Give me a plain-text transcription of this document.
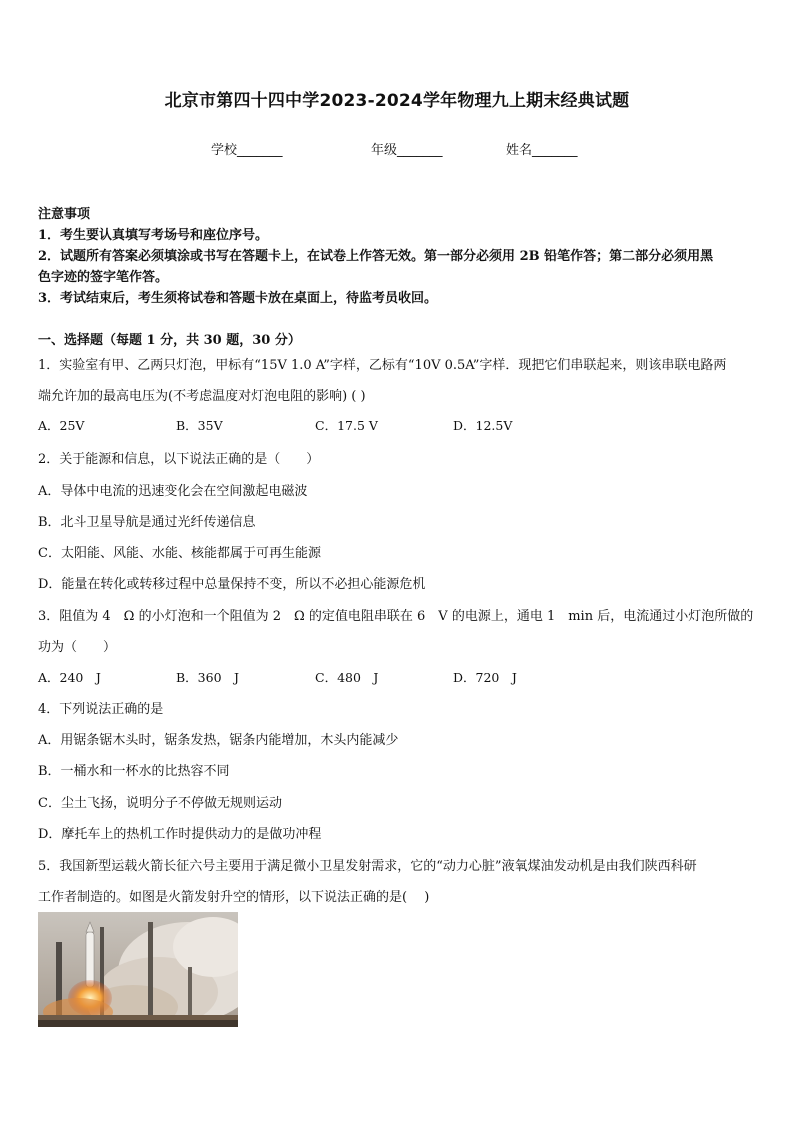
北京市第四十四中学2023-2024学年物理九上期末经典试题
学校_______	年级_______	姓名_______
注意事项
1．考生要认真填写考场号和座位序号。
2．试题所有答案必须填涂或书写在答题卡上，在试卷上作答无效。第一部分必须用 2B 铅笔作答；第二部分必须用黑
色字迹的签字笔作答。
3．考试结束后，考生须将试卷和答题卡放在桌面上，待监考员收回。
一、选择题（每题 1 分，共 30 题，30 分）
1．实验室有甲、乙两只灯泡，甲标有“15V 1.0 A”字样，乙标有“10V 0.5A”字样．现把它们串联起来，则该串联电路两
端允许加的最高电压为(不考虑温度对灯泡电阻的影响) ( )
A．25V	B．35V	C．17.5 V	D．12.5V
2．关于能源和信息，以下说法正确的是（　　）
A．导体中电流的迅速变化会在空间激起电磁波
B．北斗卫星导航是通过光纤传递信息
C．太阳能、风能、水能、核能都属于可再生能源
D．能量在转化或转移过程中总量保持不变，所以不必担心能源危机
3．阻值为 4　Ω 的小灯泡和一个阻值为 2　Ω 的定值电阻串联在 6　V 的电源上，通电 1　min 后，电流通过小灯泡所做的
功为（　　）
A．240　J	B．360　J	C．480　J	D．720　J
4．下列说法正确的是
A．用锯条锯木头时，锯条发热，锯条内能增加，木头内能减少
B．一桶水和一杯水的比热容不同
C．尘土飞扬，说明分子不停做无规则运动
D．摩托车上的热机工作时提供动力的是做功冲程
5．我国新型运载火箭长征六号主要用于满足微小卫星发射需求，它的“动力心脏”液氧煤油发动机是由我们陕西科研
工作者制造的。如图是火箭发射升空的情形，以下说法正确的是(　 )
